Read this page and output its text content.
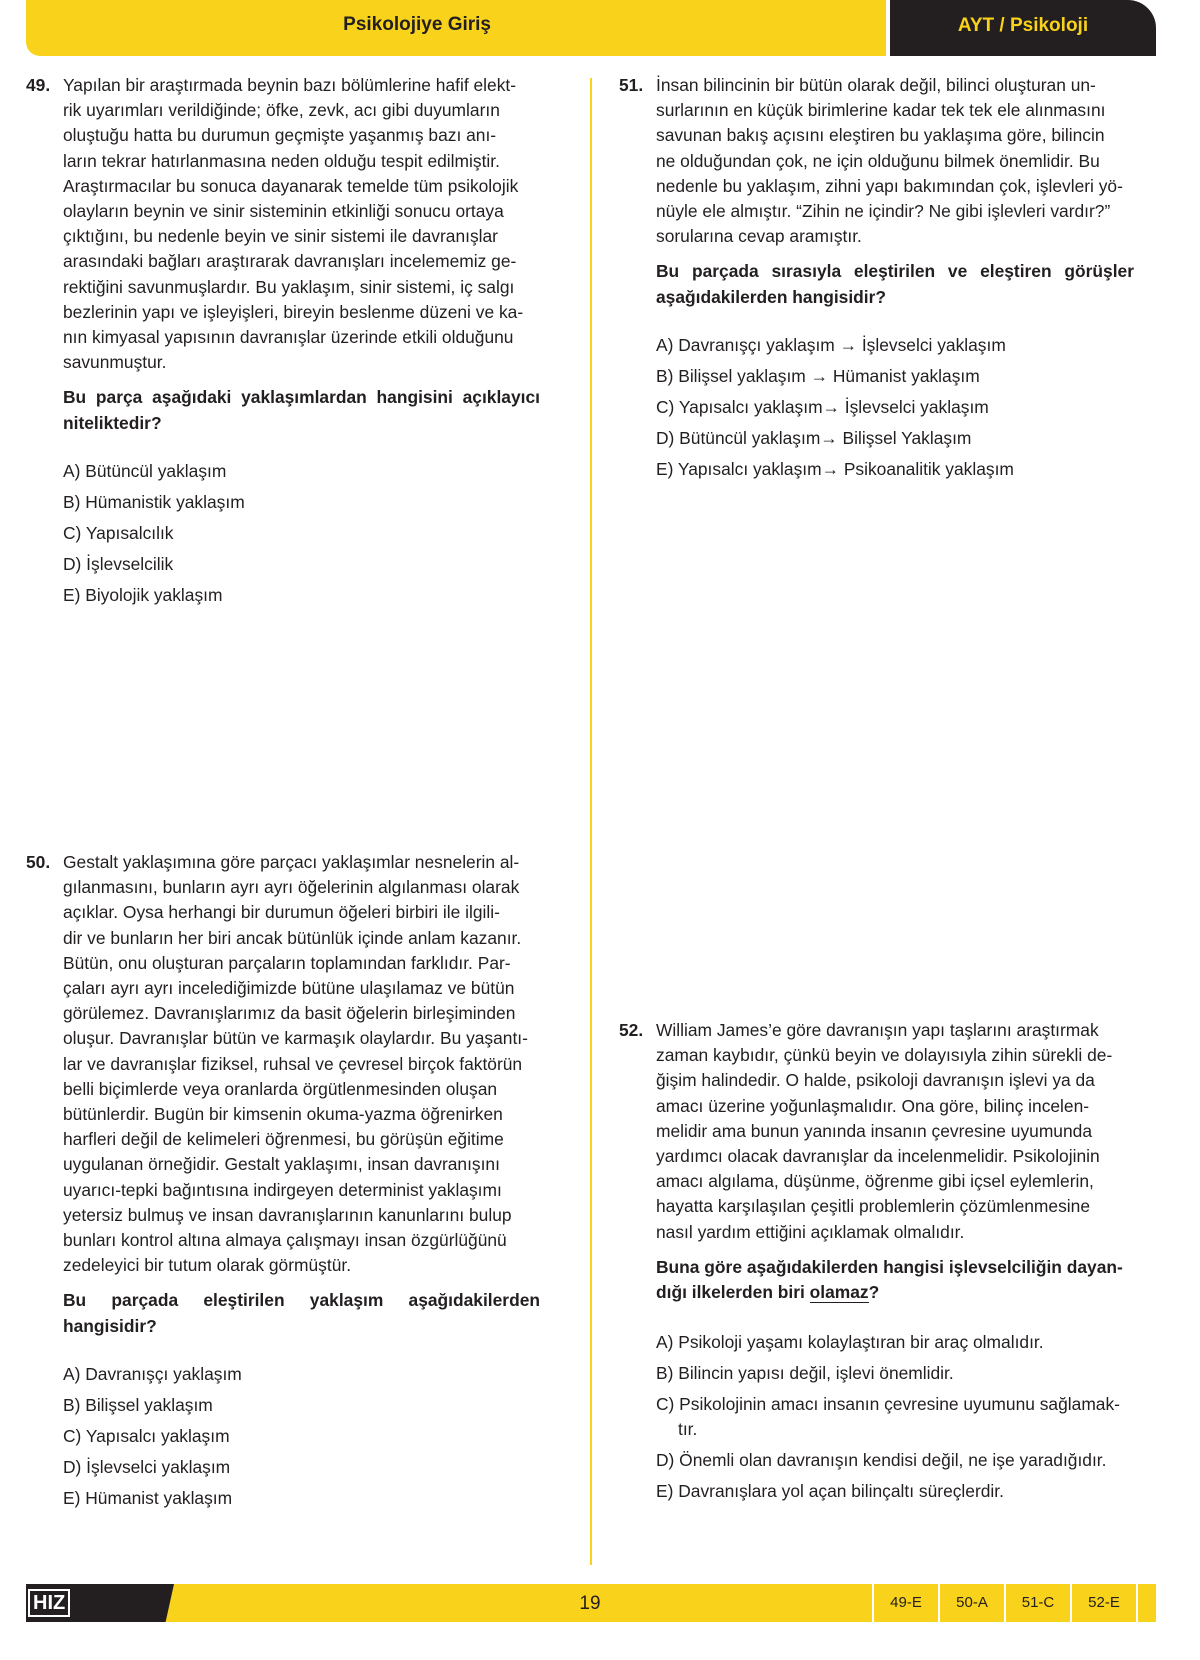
Psikolojiye Giriş	AYT / Psikoloji
49. Yapılan bir araştırmada beynin bazı bölümlerine hafif elekt-
rik uyarımları verildiğinde; öfke, zevk, acı gibi duyumların
oluştuğu hatta bu durumun geçmişte yaşanmış bazı anı-
ların tekrar hatırlanmasına neden olduğu tespit edilmiştir.
Araştırmacılar bu sonuca dayanarak temelde tüm psikolojik
olayların beynin ve sinir sisteminin etkinliği sonucu ortaya
çıktığını, bu nedenle beyin ve sinir sistemi ile davranışlar
arasındaki bağları araştırarak davranışları incelememiz ge-
rektiğini savunmuşlardır. Bu yaklaşım, sinir sistemi, iç salgı
bezlerinin yapı ve işleyişleri, bireyin beslenme düzeni ve ka-
nın kimyasal yapısının davranışlar üzerinde etkili olduğunu
savunmuştur.
Bu parça aşağıdaki yaklaşımlardan hangisini açıklayıcı niteliktedir?
A) Bütüncül yaklaşım
B) Hümanistik yaklaşım
C) Yapısalcılık
D) İşlevselcilik
E) Biyolojik yaklaşım
50. Gestalt yaklaşımına göre parçacı yaklaşımlar nesnelerin al-
gılanmasını, bunların ayrı ayrı öğelerinin algılanması olarak
açıklar. Oysa herhangi bir durumun öğeleri birbiri ile ilgili-
dir ve bunların her biri ancak bütünlük içinde anlam kazanır.
Bütün, onu oluşturan parçaların toplamından farklıdır. Par-
çaları ayrı ayrı incelediğimizde bütüne ulaşılamaz ve bütün
görülemez. Davranışlarımız da basit öğelerin birleşiminden
oluşur. Davranışlar bütün ve karmaşık olaylardır. Bu yaşantı-
lar ve davranışlar fiziksel, ruhsal ve çevresel birçok faktörün
belli biçimlerde veya oranlarda örgütlenmesinden oluşan
bütünlerdir. Bugün bir kimsenin okuma-yazma öğrenirken
harfleri değil de kelimeleri öğrenmesi, bu görüşün eğitime
uygulanan örneğidir. Gestalt yaklaşımı, insan davranışını
uyarıcı-tepki bağıntısına indirgeyen determinist yaklaşımı
yetersiz bulmuş ve insan davranışlarının kanunlarını bulup
bunları kontrol altına almaya çalışmayı insan özgürlüğünü
zedeleyici bir tutum olarak görmüştür.
Bu parçada eleştirilen yaklaşım aşağıdakilerden hangisidir?
A) Davranışçı yaklaşım
B) Bilişsel yaklaşım
C) Yapısalcı yaklaşım
D) İşlevselci yaklaşım
E) Hümanist yaklaşım
51. İnsan bilincinin bir bütün olarak değil, bilinci oluşturan un-
surlarının en küçük birimlerine kadar tek tek ele alınmasını
savunan bakış açısını eleştiren bu yaklaşıma göre, bilincin
ne olduğundan çok, ne için olduğunu bilmek önemlidir. Bu
nedenle bu yaklaşım, zihni yapı bakımından çok, işlevleri yö-
nüyle ele almıştır. “Zihin ne içindir? Ne gibi işlevleri vardır?”
sorularına cevap aramıştır.
Bu parçada sırasıyla eleştirilen ve eleştiren görüşler aşağıdakilerden hangisidir?
A) Davranışçı yaklaşım → İşlevselci yaklaşım
B) Bilişsel yaklaşım → Hümanist yaklaşım
C) Yapısalcı yaklaşım→ İşlevselci yaklaşım
D) Bütüncül yaklaşım→ Bilişsel Yaklaşım
E) Yapısalcı yaklaşım→ Psikoanalitik yaklaşım
52. William James’e göre davranışın yapı taşlarını araştırmak
zaman kaybıdır, çünkü beyin ve dolayısıyla zihin sürekli de-
ğişim halindedir. O halde, psikoloji davranışın işlevi ya da
amacı üzerine yoğunlaşmalıdır. Ona göre, bilinç incelen-
melidir ama bunun yanında insanın çevresine uyumunda
yardımcı olacak davranışlar da incelenmelidir. Psikolojinin
amacı algılama, düşünme, öğrenme gibi içsel eylemlerin,
hayatta karşılaşılan çeşitli problemlerin çözümlenmesine
nasıl yardım ettiğini açıklamak olmalıdır.
Buna göre aşağıdakilerden hangisi işlevselciliğin dayan-
dığı ilkelerden biri olamaz?
A) Psikoloji yaşamı kolaylaştıran bir araç olmalıdır.
B) Bilincin yapısı değil, işlevi önemlidir.
C) Psikolojinin amacı insanın çevresine uyumunu sağlamak-
tır.
D) Önemli olan davranışın kendisi değil, ne işe yaradığıdır.
E) Davranışlara yol açan bilinçaltı süreçlerdir.
HIZYAYINLARI
19	49-E	50-A	51-C	52-E
